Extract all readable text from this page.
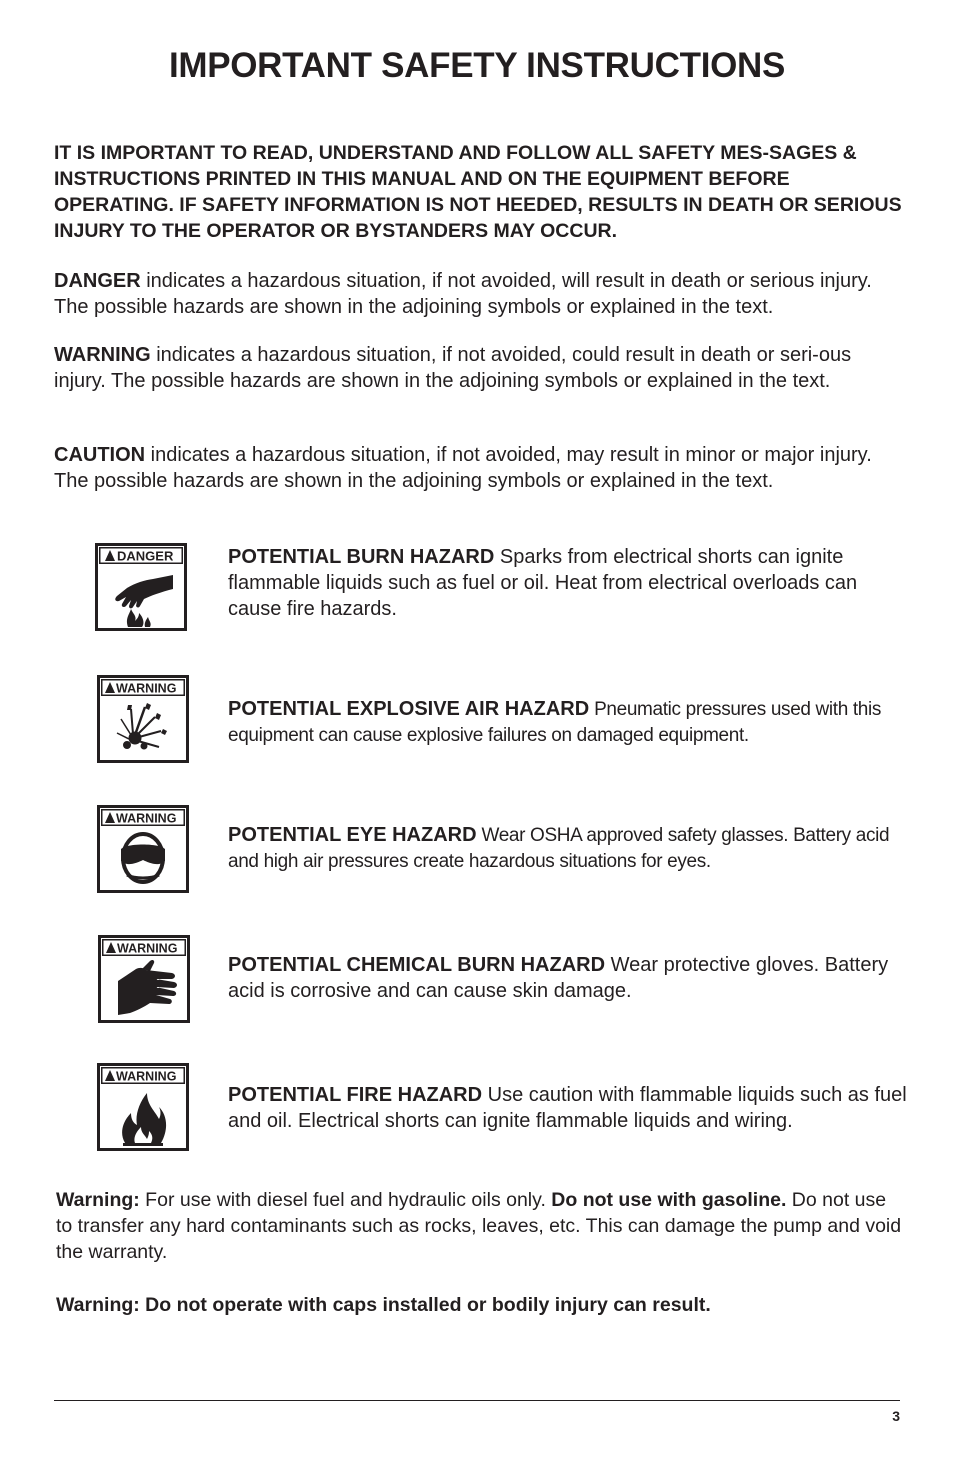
IMPORTANT SAFETY INSTRUCTIONS

IT IS IMPORTANT TO READ, UNDERSTAND AND FOLLOW ALL SAFETY MES-SAGES & INSTRUCTIONS PRINTED IN THIS MANUAL AND ON THE EQUIPMENT BEFORE OPERATING. IF SAFETY INFORMATION IS NOT HEEDED, RESULTS IN DEATH OR SERIOUS INJURY TO THE OPERATOR OR BYSTANDERS MAY OCCUR.

DANGER indicates a hazardous situation, if not avoided, will result in death or serious injury. The possible hazards are shown in the adjoining symbols or explained in the text.

WARNING indicates a hazardous situation, if not avoided, could result in death or seri-ous injury. The possible hazards are shown in the adjoining symbols or explained in the text.

CAUTION indicates a hazardous situation, if not avoided, may result in minor or major injury. The possible hazards are shown in the adjoining symbols or explained in the text.

DANGER	POTENTIAL BURN HAZARD Sparks from electrical shorts can ignite flammable liquids such as fuel or oil. Heat from electrical overloads can cause fire hazards.

WARNING

POTENTIAL EXPLOSIVE AIR HAZARD Pneumatic pressures used with this equipment can cause explosive failures on damaged equipment.

WARNING

POTENTIAL EYE HAZARD Wear OSHA approved safety glasses. Battery acid and high air pressures create hazardous situations for eyes.

WARNING

POTENTIAL CHEMICAL BURN HAZARD Wear protective gloves. Battery acid is corrosive and can cause skin damage.

WARNING

POTENTIAL FIRE HAZARD Use caution with flammable liquids such as fuel and oil. Electrical shorts can ignite flammable liquids and wiring.

Warning: For use with diesel fuel and hydraulic oils only. Do not use with gasoline. Do not use to transfer any hard contaminants such as rocks, leaves, etc. This can damage the pump and void the warranty.

Warning: Do not operate with caps installed or bodily injury can result.

3
